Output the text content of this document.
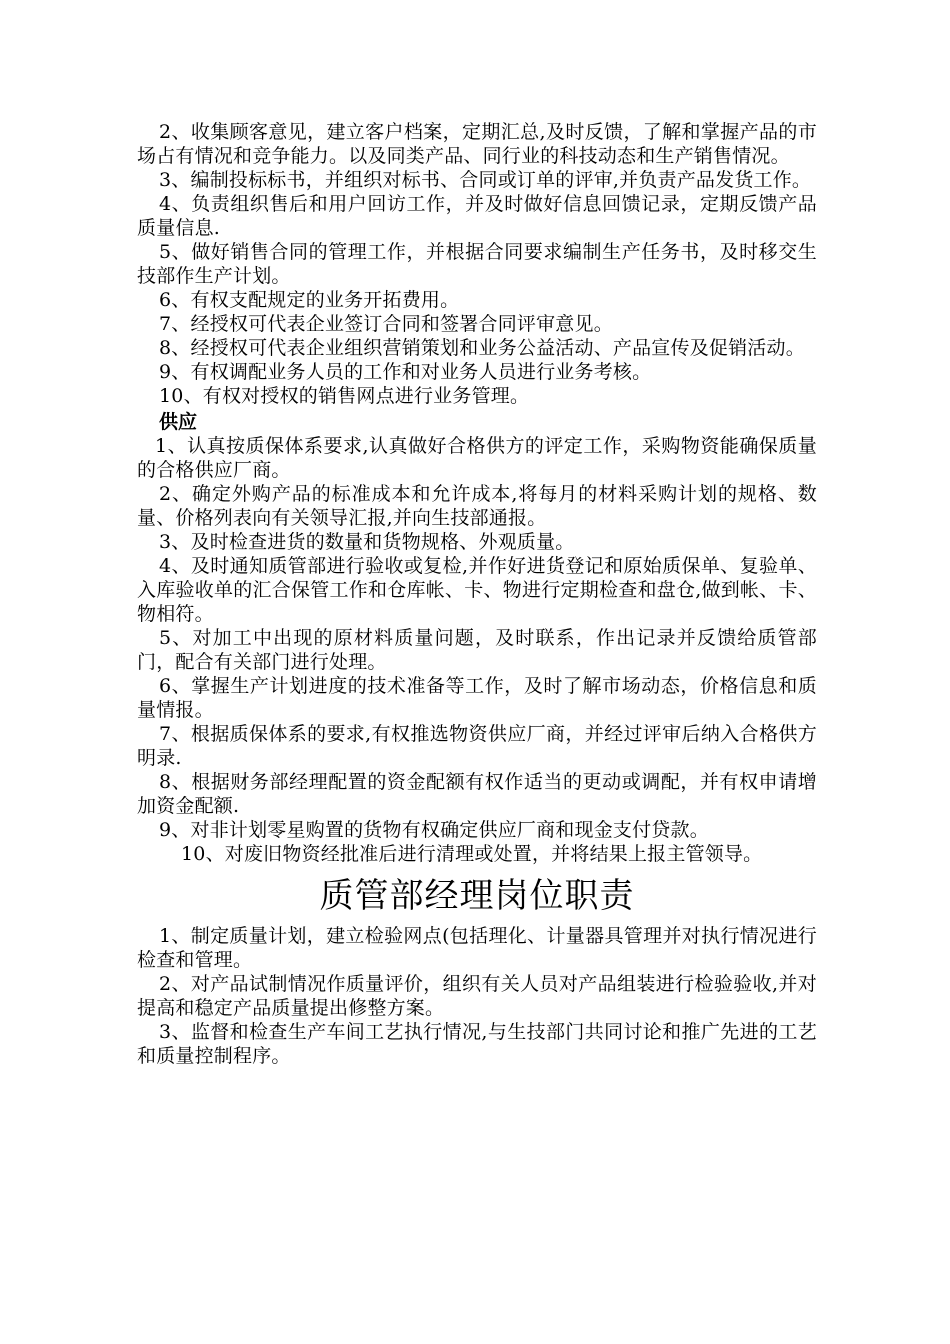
2、收集顾客意见，建立客户档案，定期汇总,及时反馈，了解和掌握产品的市场占有情况和竞争能力。以及同类产品、同行业的科技动态和生产销售情况。

3、编制投标标书，并组织对标书、合同或订单的评审,并负责产品发货工作。

4、负责组织售后和用户回访工作，并及时做好信息回馈记录，定期反馈产品质量信息.

5、做好销售合同的管理工作，并根据合同要求编制生产任务书，及时移交生技部作生产计划。

6、有权支配规定的业务开拓费用。

7、经授权可代表企业签订合同和签署合同评审意见。

8、经授权可代表企业组织营销策划和业务公益活动、产品宣传及促销活动。

9、有权调配业务人员的工作和对业务人员进行业务考核。

10、有权对授权的销售网点进行业务管理。

供应

1、认真按质保体系要求,认真做好合格供方的评定工作，采购物资能确保质量的合格供应厂商。

2、确定外购产品的标准成本和允许成本,将每月的材料采购计划的规格、数量、价格列表向有关领导汇报,并向生技部通报。

3、及时检查进货的数量和货物规格、外观质量。

4、及时通知质管部进行验收或复检,并作好进货登记和原始质保单、复验单、入库验收单的汇合保管工作和仓库帐、卡、物进行定期检查和盘仓,做到帐、卡、物相符。

5、对加工中出现的原材料质量问题，及时联系，作出记录并反馈给质管部门，配合有关部门进行处理。

6、掌握生产计划进度的技术准备等工作，及时了解市场动态，价格信息和质量情报。

7、根据质保体系的要求,有权推选物资供应厂商，并经过评审后纳入合格供方明录.

8、根据财务部经理配置的资金配额有权作适当的更动或调配，并有权申请增加资金配额.

9、对非计划零星购置的货物有权确定供应厂商和现金支付贷款。

10、对废旧物资经批准后进行清理或处置，并将结果上报主管领导。

质管部经理岗位职责

1、制定质量计划，建立检验网点(包括理化、计量器具管理并对执行情况进行检查和管理。

2、对产品试制情况作质量评价，组织有关人员对产品组装进行检验验收,并对提高和稳定产品质量提出修整方案。

3、监督和检查生产车间工艺执行情况,与生技部门共同讨论和推广先进的工艺和质量控制程序。
